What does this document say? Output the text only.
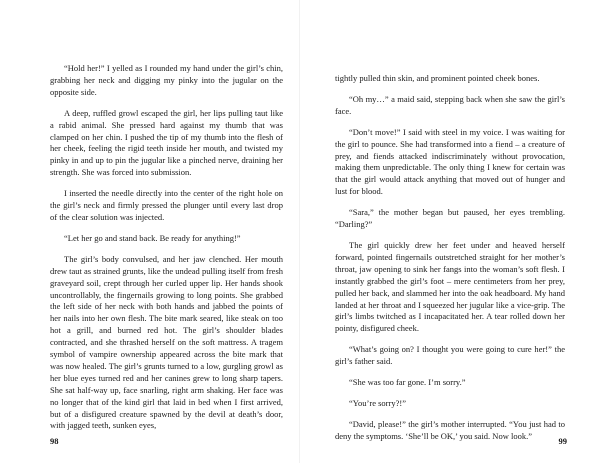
“Hold her!” I yelled as I rounded my hand under the girl’s chin, grabbing her neck and digging my pinky into the jugular on the opposite side.

A deep, ruffled growl escaped the girl, her lips pulling taut like a rabid animal. She pressed hard against my thumb that was clamped on her chin. I pushed the tip of my thumb into the flesh of her cheek, feeling the rigid teeth inside her mouth, and twisted my pinky in and up to pin the jugular like a pinched nerve, draining her strength. She was forced into submission.

I inserted the needle directly into the center of the right hole on the girl’s neck and firmly pressed the plunger until every last drop of the clear solution was injected.

“Let her go and stand back. Be ready for anything!”

The girl’s body convulsed, and her jaw clenched. Her mouth drew taut as strained grunts, like the undead pulling itself from fresh graveyard soil, crept through her curled upper lip. Her hands shook uncontrollably, the fingernails growing to long points. She grabbed the left side of her neck with both hands and jabbed the points of her nails into her own flesh. The bite mark seared, like steak on too hot a grill, and burned red hot. The girl’s shoulder blades contracted, and she thrashed herself on the soft mattress. A tragem symbol of vampire ownership appeared across the bite mark that was now healed. The girl’s grunts turned to a low, gurgling growl as her blue eyes turned red and her canines grew to long sharp tapers. She sat half-way up, face snarling, right arm shaking. Her face was no longer that of the kind girl that laid in bed when I first arrived, but of a disfigured creature spawned by the devil at death’s door, with jagged teeth, sunken eyes,

98

tightly pulled thin skin, and prominent pointed cheek bones.

“Oh my…” a maid said, stepping back when she saw the girl’s face.

“Don’t move!” I said with steel in my voice. I was waiting for the girl to pounce. She had transformed into a fiend – a creature of prey, and fiends attacked indiscriminately without provocation, making them unpredictable. The only thing I knew for certain was that the girl would attack anything that moved out of hunger and lust for blood.

“Sara,” the mother began but paused, her eyes trembling. “Darling?”

The girl quickly drew her feet under and heaved herself forward, pointed fingernails outstretched straight for her mother’s throat, jaw opening to sink her fangs into the woman’s soft flesh. I instantly grabbed the girl’s foot – mere centimeters from her prey, pulled her back, and slammed her into the oak headboard. My hand landed at her throat and I squeezed her jugular like a vice-grip. The girl’s limbs twitched as I incapacitated her. A tear rolled down her pointy, disfigured cheek.

“What’s going on? I thought you were going to cure her!” the girl’s father said.

“She was too far gone. I’m sorry.”

“You’re sorry?!”

“David, please!” the girl’s mother interrupted. “You just had to deny the symptoms. ‘She’ll be OK,’ you said. Now look.”

99
